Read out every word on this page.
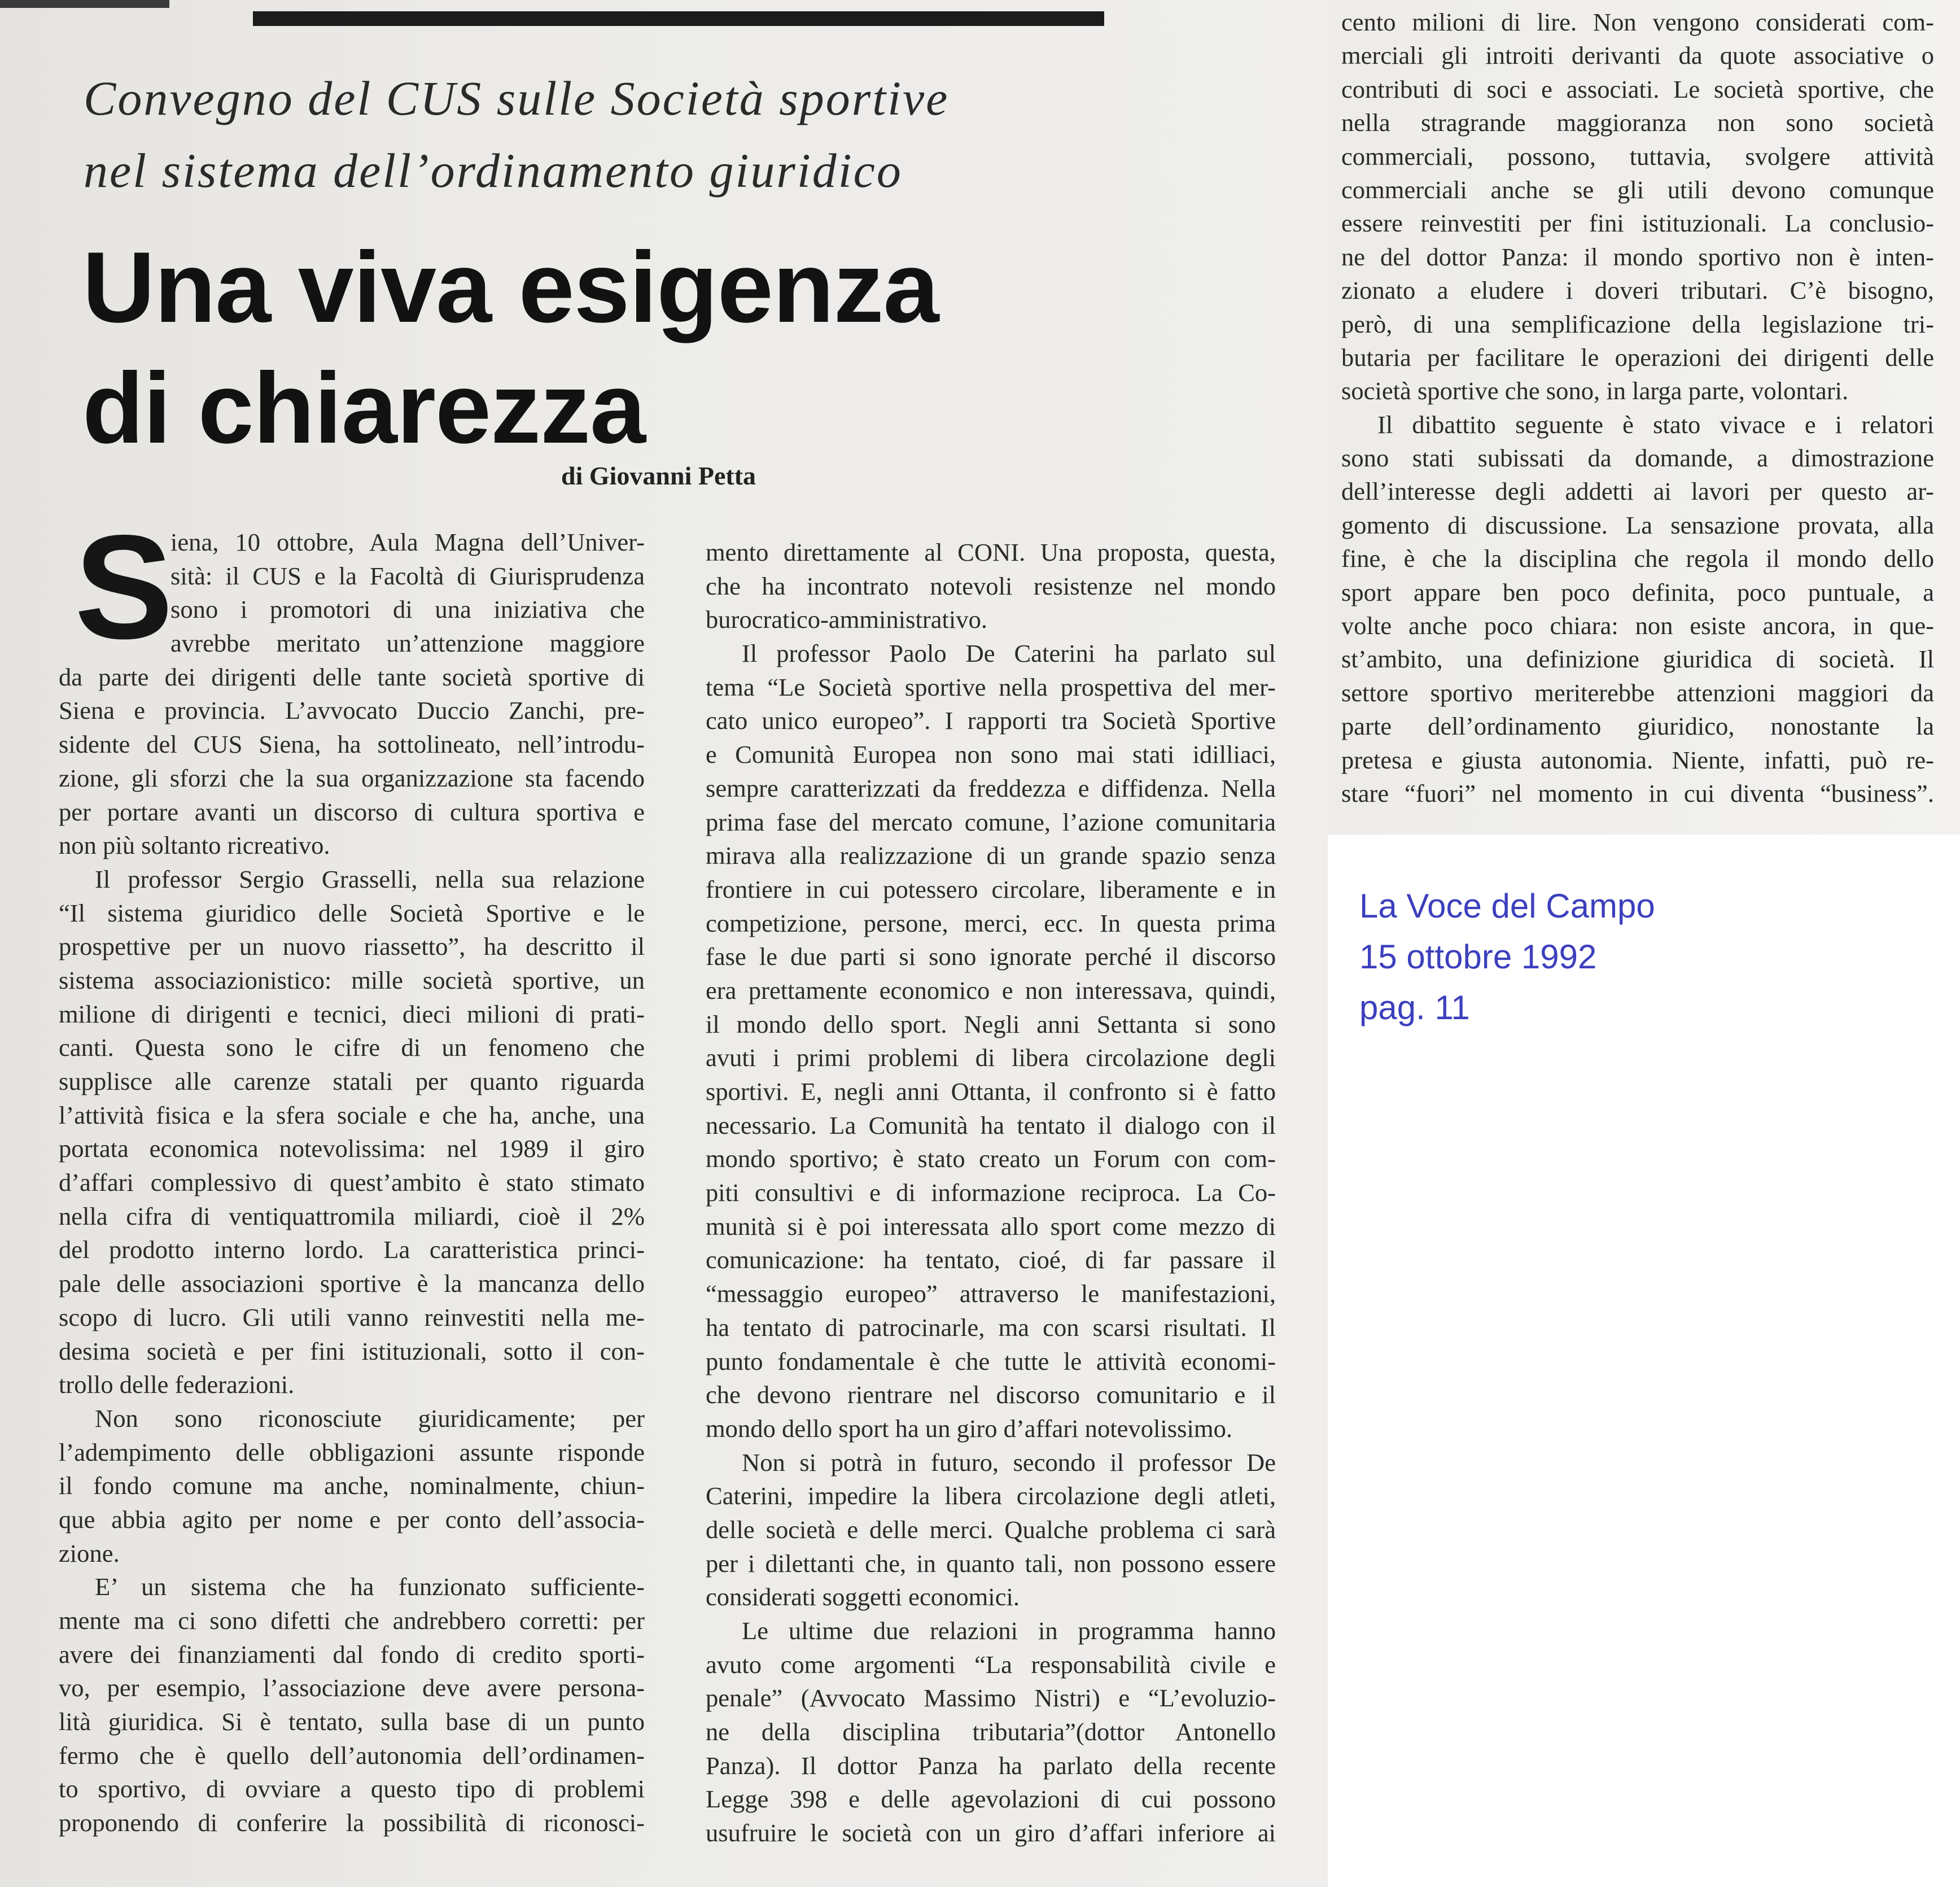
Convegno del CUS sulle Società sportive
nel sistema dell’ordinamento giuridico
Una viva esigenza
di chiarezza
di Giovanni Petta
S
iena, 10 ottobre, Aula Magna dell’Univer-
sità: il CUS e la Facoltà di Giurisprudenza
sono i promotori di una iniziativa che
avrebbe meritato un’attenzione maggiore
da parte dei dirigenti delle tante società sportive di
Siena e provincia. L’avvocato Duccio Zanchi, pre-
sidente del CUS Siena, ha sottolineato, nell’introdu-
zione, gli sforzi che la sua organizzazione sta facendo
per portare avanti un discorso di cultura sportiva e
non più soltanto ricreativo.
Il professor Sergio Grasselli, nella sua relazione
“Il sistema giuridico delle Società Sportive e le
prospettive per un nuovo riassetto”, ha descritto il
sistema associazionistico: mille società sportive, un
milione di dirigenti e tecnici, dieci milioni di prati-
canti. Questa sono le cifre di un fenomeno che
supplisce alle carenze statali per quanto riguarda
l’attività fisica e la sfera sociale e che ha, anche, una
portata economica notevolissima: nel 1989 il giro
d’affari complessivo di quest’ambito è stato stimato
nella cifra di ventiquattromila miliardi, cioè il 2%
del prodotto interno lordo. La caratteristica princi-
pale delle associazioni sportive è la mancanza dello
scopo di lucro. Gli utili vanno reinvestiti nella me-
desima società e per fini istituzionali, sotto il con-
trollo delle federazioni.
Non sono riconosciute giuridicamente; per
l’adempimento delle obbligazioni assunte risponde
il fondo comune ma anche, nominalmente, chiun-
que abbia agito per nome e per conto dell’associa-
zione.
E’ un sistema che ha funzionato sufficiente-
mente ma ci sono difetti che andrebbero corretti: per
avere dei finanziamenti dal fondo di credito sporti-
vo, per esempio, l’associazione deve avere persona-
lità giuridica. Si è tentato, sulla base di un punto
fermo che è quello dell’autonomia dell’ordinamen-
to sportivo, di ovviare a questo tipo di problemi
proponendo di conferire la possibilità di riconosci-
mento direttamente al CONI. Una proposta, questa,
che ha incontrato notevoli resistenze nel mondo
burocratico-amministrativo.
Il professor Paolo De Caterini ha parlato sul
tema “Le Società sportive nella prospettiva del mer-
cato unico europeo”. I rapporti tra Società Sportive
e Comunità Europea non sono mai stati idilliaci,
sempre caratterizzati da freddezza e diffidenza. Nella
prima fase del mercato comune, l’azione comunitaria
mirava alla realizzazione di un grande spazio senza
frontiere in cui potessero circolare, liberamente e in
competizione, persone, merci, ecc. In questa prima
fase le due parti si sono ignorate perché il discorso
era prettamente economico e non interessava, quindi,
il mondo dello sport. Negli anni Settanta si sono
avuti i primi problemi di libera circolazione degli
sportivi. E, negli anni Ottanta, il confronto si è fatto
necessario. La Comunità ha tentato il dialogo con il
mondo sportivo; è stato creato un Forum con com-
piti consultivi e di informazione reciproca. La Co-
munità si è poi interessata allo sport come mezzo di
comunicazione: ha tentato, cioé, di far passare il
“messaggio europeo” attraverso le manifestazioni,
ha tentato di patrocinarle, ma con scarsi risultati. Il
punto fondamentale è che tutte le attività economi-
che devono rientrare nel discorso comunitario e il
mondo dello sport ha un giro d’affari notevolissimo.
Non si potrà in futuro, secondo il professor De
Caterini, impedire la libera circolazione degli atleti,
delle società e delle merci. Qualche problema ci sarà
per i dilettanti che, in quanto tali, non possono essere
considerati soggetti economici.
Le ultime due relazioni in programma hanno
avuto come argomenti “La responsabilità civile e
penale” (Avvocato Massimo Nistri) e “L’evoluzio-
ne della disciplina tributaria”(dottor Antonello
Panza). Il dottor Panza ha parlato della recente
Legge 398 e delle agevolazioni di cui possono
usufruire le società con un giro d’affari inferiore ai
cento milioni di lire. Non vengono considerati com-
merciali gli introiti derivanti da quote associative o
contributi di soci e associati. Le società sportive, che
nella stragrande maggioranza non sono società
commerciali, possono, tuttavia, svolgere attività
commerciali anche se gli utili devono comunque
essere reinvestiti per fini istituzionali. La conclusio-
ne del dottor Panza: il mondo sportivo non è inten-
zionato a eludere i doveri tributari. C’è bisogno,
però, di una semplificazione della legislazione tri-
butaria per facilitare le operazioni dei dirigenti delle
società sportive che sono, in larga parte, volontari.
Il dibattito seguente è stato vivace e i relatori
sono stati subissati da domande, a dimostrazione
dell’interesse degli addetti ai lavori per questo ar-
gomento di discussione. La sensazione provata, alla
fine, è che la disciplina che regola il mondo dello
sport appare ben poco definita, poco puntuale, a
volte anche poco chiara: non esiste ancora, in que-
st’ambito, una definizione giuridica di società. Il
settore sportivo meriterebbe attenzioni maggiori da
parte dell’ordinamento giuridico, nonostante la
pretesa e giusta autonomia. Niente, infatti, può re-
stare “fuori” nel momento in cui diventa “business”.
La Voce del Campo
15 ottobre 1992
pag. 11
